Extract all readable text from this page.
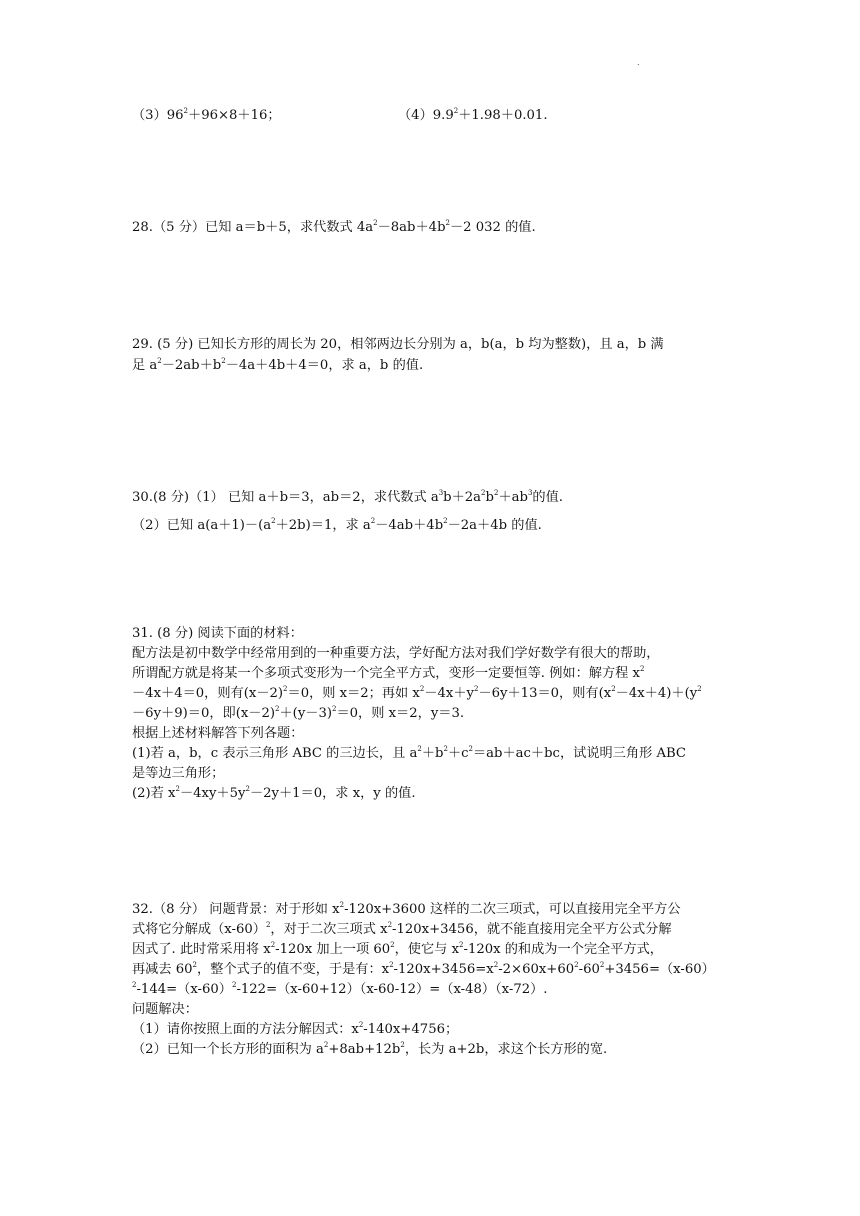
.
$(3)96^2+96\times 8+16$；	$(4)9.9^2+1.98+0.01$.
28.（5 分）已知 a＝b＋5，求代数式 $4a^2-8ab+4b^2-2$ 032 的值.
29. (5 分) 已知长方形的周长为 20，相邻两边长分别为 a，b(a，b 均为整数)，且 a，b 满
足 $a^2-2ab+b^2-4a+4b+4=0$，求 a，b 的值.
30.(8 分)（1） 已知 a＋b＝3，ab＝2，求代数式 $a^3b+2a^2b^2+ab^3$的值.
（2）已知 $a(a+1)-(a^2+2b)=1$，求 $a^2-4ab+4b^2-2a+4b$ 的值.
31. (8 分) 阅读下面的材料：
配方法是初中数学中经常用到的一种重要方法，学好配方法对我们学好数学有很大的帮助，
所谓配方就是将某一个多项式变形为一个完全平方式，变形一定要恒等. 例如：解方程 $x^2$
－4x＋4＝0，则有$(x-2)^2=0$，则 x＝2；再如 $x^2-4x+y^2-6y+13=0$，则有$(x^2-4x+4)+(y^2$
－6y＋9)＝0，即$(x-2)^2+(y-3)^2=0$，则 x＝2，y＝3.
根据上述材料解答下列各题：
(1)若 a，b，c 表示三角形 ABC 的三边长，且 $a^2+b^2+c^2=ab+ac+bc$，试说明三角形 ABC
是等边三角形；
(2)若 $x^2-4xy+5y^2-2y+1=0$，求 x，y 的值.
32.（8 分） 问题背景：对于形如 $x^2-120x+3600$ 这样的二次三项式，可以直接用完全平方公
式将它分解成$(x-60)^2$，对于二次三项式 $x^2-120x+3456$，就不能直接用完全平方公式分解
因式了. 此时常采用将 $x^2-120x$ 加上一项 $60^2$，使它与 $x^2-120x$ 的和成为一个完全平方式，
再减去 $60^2$，整个式子的值不变，于是有：$x^2-120x+3456=x^2-2\times 60x+60^2-60^2+3456=(x-60)$
$^2-144=(x-60)^2-122=(x-60+12)(x-60-12)=(x-48)(x-72)$.
问题解决：
（1）请你按照上面的方法分解因式：$x^2-140x+4756$；
（2）已知一个长方形的面积为 $a^2+8ab+12b^2$，长为 a+2b，求这个长方形的宽.
